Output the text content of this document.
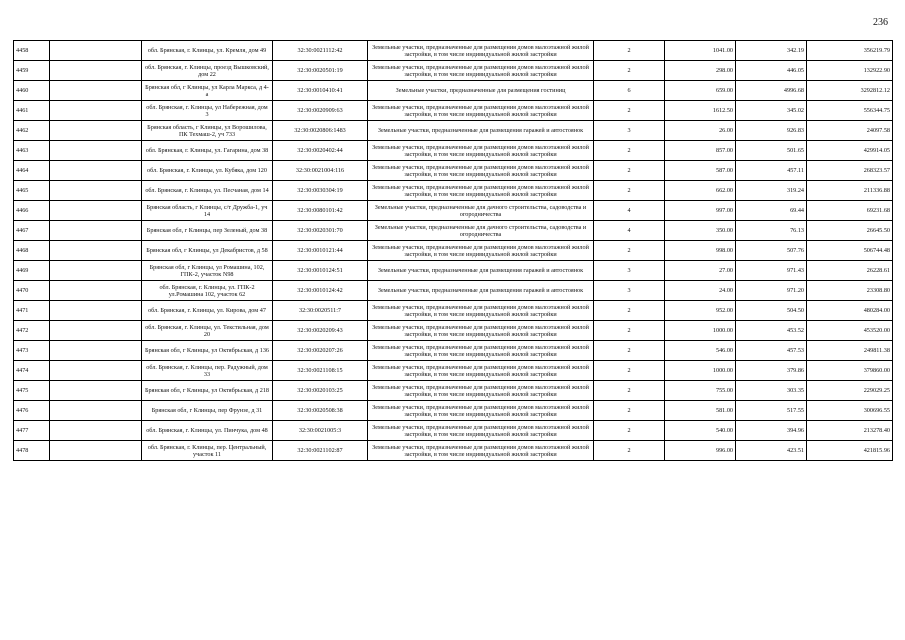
236
4458		обл. Брянская, г. Клинцы, ул. Кремля, дом 49	32:30:0021112:42	Земельные участки, предназначенные для размещения домов малоэтажной жилой застройки, в том числе индивидуальной жилой застройки	2	1041.00	342.19	356219.79
4459		обл. Брянская, г. Клинцы, проезд Вышковский, дом 22	32:30:0020501:19	Земельные участки, предназначенные для размещения домов малоэтажной жилой застройки, в том числе индивидуальной жилой застройки	2	298.00	446.05	132922.90
4460		Брянская обл, г Клинцы, ул Карла Маркса, д 4-а	32:30:0010410:41	Земельные участки, предназначенные для размещения гостиниц	6	659.00	4996.68	3292812.12
4461		обл. Брянская, г. Клинцы, ул Набережная, дом 3	32:30:0020909:63	Земельные участки, предназначенные для размещения домов малоэтажной жилой застройки, в том числе индивидуальной жилой застройки	2	1612.50	345.02	556344.75
4462		Брянская область, г Клинцы, ул Ворошилова, ПК Техмаш-2, уч 733	32:30:0020806:1483	Земельные участки, предназначенные для размещения гаражей и автостоянок	3	26.00	926.83	24097.58
4463		обл. Брянская, г. Клинцы, ул. Гагарина, дом 38	32:30:0020402:44	Земельные участки, предназначенные для размещения домов малоэтажной жилой застройки, в том числе индивидуальной жилой застройки	2	857.00	501.65	429914.05
4464		обл. Брянская, г. Клинцы, ул. Кубяка, дом 120	32:30:0021004:116	Земельные участки, предназначенные для размещения домов малоэтажной жилой застройки, в том числе индивидуальной жилой застройки	2	587.00	457.11	268323.57
4465		обл. Брянская, г. Клинцы, ул. Песчаная, дом 14	32:30:0030304:19	Земельные участки, предназначенные для размещения домов малоэтажной жилой застройки, в том числе индивидуальной жилой застройки	2	662.00	319.24	211336.88
4466		Брянская область, г Клинцы, с/т Дружба-1, уч 14	32:30:0080101:42	Земельные участки, предназначенные для дачного строительства, садоводства и огородничества	4	997.00	69.44	69231.68
4467		Брянская обл, г Клинцы, пер Зеленый, дом 38	32:30:0020301:70	Земельные участки, предназначенные для дачного строительства, садоводства и огородничества	4	350.00	76.13	26645.50
4468		Брянская обл, г Клинцы, ул Декабристов, д 58	32:30:0010121:44	Земельные участки, предназначенные для размещения домов малоэтажной жилой застройки, в том числе индивидуальной жилой застройки	2	998.00	507.76	506744.48
4469		Брянская обл, г Клинцы, ул Ромашина, 102, ГПК-2, участок N98	32:30:0010124:51	Земельные участки, предназначенные для размещения гаражей и автостоянок	3	27.00	971.43	26228.61
4470		обл. Брянская, г. Клинцы, ул. ГПК-2 ул.Ромашина 102, участок 62	32:30:0010124:42	Земельные участки, предназначенные для размещения гаражей и автостоянок	3	24.00	971.20	23308.80
4471		обл. Брянская, г. Клинцы, ул. Кирова, дом 47	32:30:0020511:7	Земельные участки, предназначенные для размещения домов малоэтажной жилой застройки, в том числе индивидуальной жилой застройки	2	952.00	504.50	480284.00
4472		обл. Брянская, г. Клинцы, ул. Текстильная, дом 20	32:30:0020209:43	Земельные участки, предназначенные для размещения домов малоэтажной жилой застройки, в том числе индивидуальной жилой застройки	2	1000.00	453.52	453520.00
4473		Брянская обл, г Клинцы, ул Октябрьская, д 136	32:30:0020207:26	Земельные участки, предназначенные для размещения домов малоэтажной жилой застройки, в том числе индивидуальной жилой застройки	2	546.00	457.53	249811.38
4474		обл. Брянская, г. Клинцы, пер. Радужный, дом 33	32:30:0021108:15	Земельные участки, предназначенные для размещения домов малоэтажной жилой застройки, в том числе индивидуальной жилой застройки	2	1000.00	379.86	379860.00
4475		Брянская обл, г Клинцы, ул Октябрьская, д 218	32:30:0020103:25	Земельные участки, предназначенные для размещения домов малоэтажной жилой застройки, в том числе индивидуальной жилой застройки	2	755.00	303.35	229029.25
4476		Брянская обл, г Клинцы, пер Фрунзе, д 31	32:30:0020508:38	Земельные участки, предназначенные для размещения домов малоэтажной жилой застройки, в том числе индивидуальной жилой застройки	2	581.00	517.55	300696.55
4477		обл. Брянская, г. Клинцы, ул. Пинчука, дом 48	32:30:0021005:3	Земельные участки, предназначенные для размещения домов малоэтажной жилой застройки, в том числе индивидуальной жилой застройки	2	540.00	394.96	213278.40
4478		обл. Брянская, г. Клинцы, пер. Центральный, участок 11	32:30:0021102:87	Земельные участки, предназначенные для размещения домов малоэтажной жилой застройки, в том числе индивидуальной жилой застройки	2	996.00	423.51	421815.96
